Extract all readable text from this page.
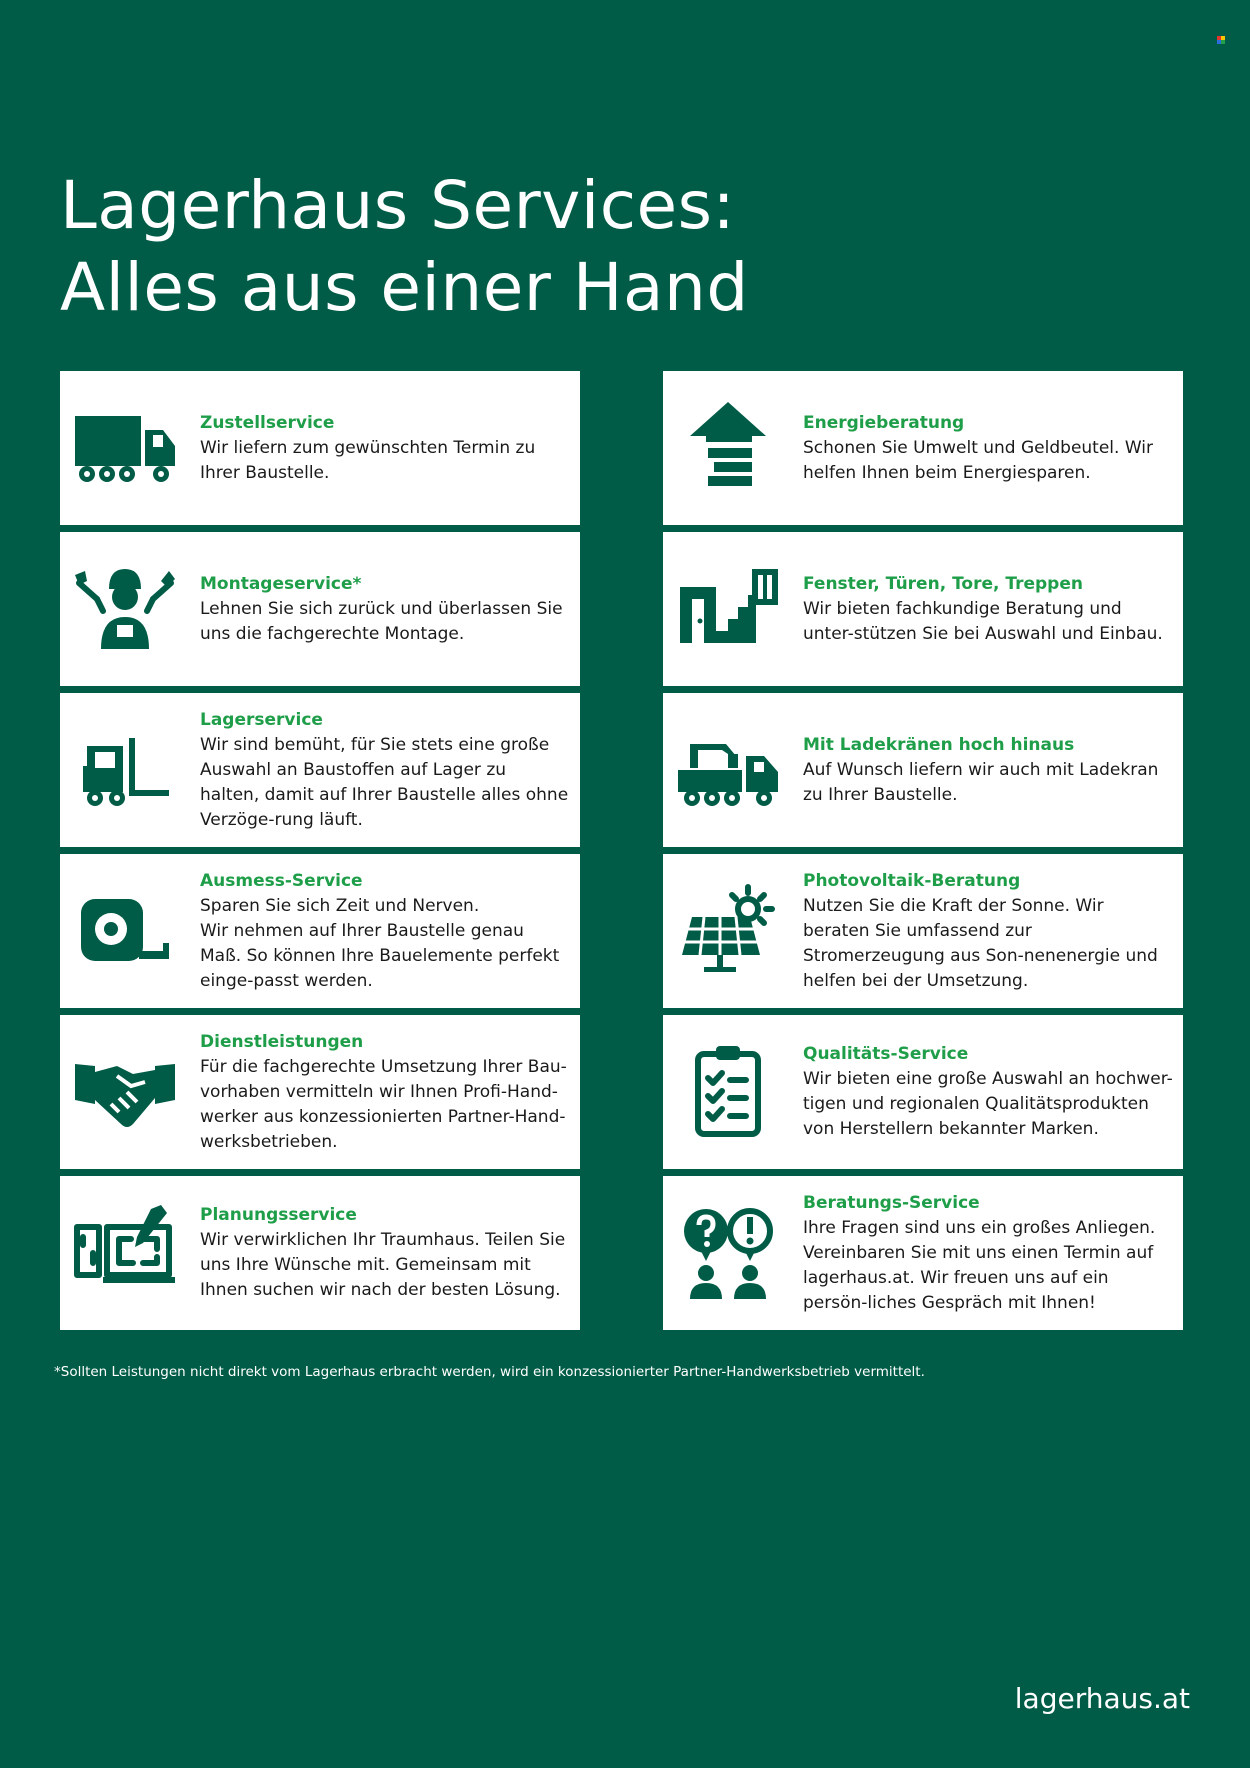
Lagerhaus Services:
Alles aus einer Hand
Zustellservice

Wir liefern zum gewünschten Termin zu Ihrer Baustelle.

Montageservice*

Lehnen Sie sich zurück und überlassen Sie uns die fachgerechte Montage.

Lagerservice

Wir sind bemüht, für Sie stets eine große Auswahl an Baustoffen auf Lager zu halten, damit auf Ihrer Baustelle alles ohne Verzöge-rung läuft.

Ausmess-Service

Sparen Sie sich Zeit und Nerven.
Wir nehmen auf Ihrer Baustelle genau Maß. So können Ihre Bauelemente perfekt einge-passt werden.

Dienstleistungen

Für die fachgerechte Umsetzung Ihrer Bau-vorhaben vermitteln wir Ihnen Profi-Hand-werker aus konzessionierten Partner-Hand-werksbetrieben.

Planungsservice

Wir verwirklichen Ihr Traumhaus. Teilen Sie uns Ihre Wünsche mit. Gemeinsam mit Ihnen suchen wir nach der besten Lösung.

Energieberatung

Schonen Sie Umwelt und Geldbeutel. Wir helfen Ihnen beim Energiesparen.

Fenster, Türen, Tore, Treppen

Wir bieten fachkundige Beratung und unter-stützen Sie bei Auswahl und Einbau.

Mit Ladekränen hoch hinaus

Auf Wunsch liefern wir auch mit Ladekran zu Ihrer Baustelle.

Photovoltaik-Beratung

Nutzen Sie die Kraft der Sonne. Wir beraten Sie umfassend zur Stromerzeugung aus Son-nenenergie und helfen bei der Umsetzung.

Qualitäts-Service

Wir bieten eine große Auswahl an hochwer-tigen und regionalen Qualitätsprodukten von Herstellern bekannter Marken.

Beratungs-Service

Ihre Fragen sind uns ein großes Anliegen. Vereinbaren Sie mit uns einen Termin auf lagerhaus.at. Wir freuen uns auf ein persön-liches Gespräch mit Ihnen!

*Sollten Leistungen nicht direkt vom Lagerhaus erbracht werden, wird ein konzessionierter Partner-Handwerksbetrieb vermittelt.
lagerhaus.at
